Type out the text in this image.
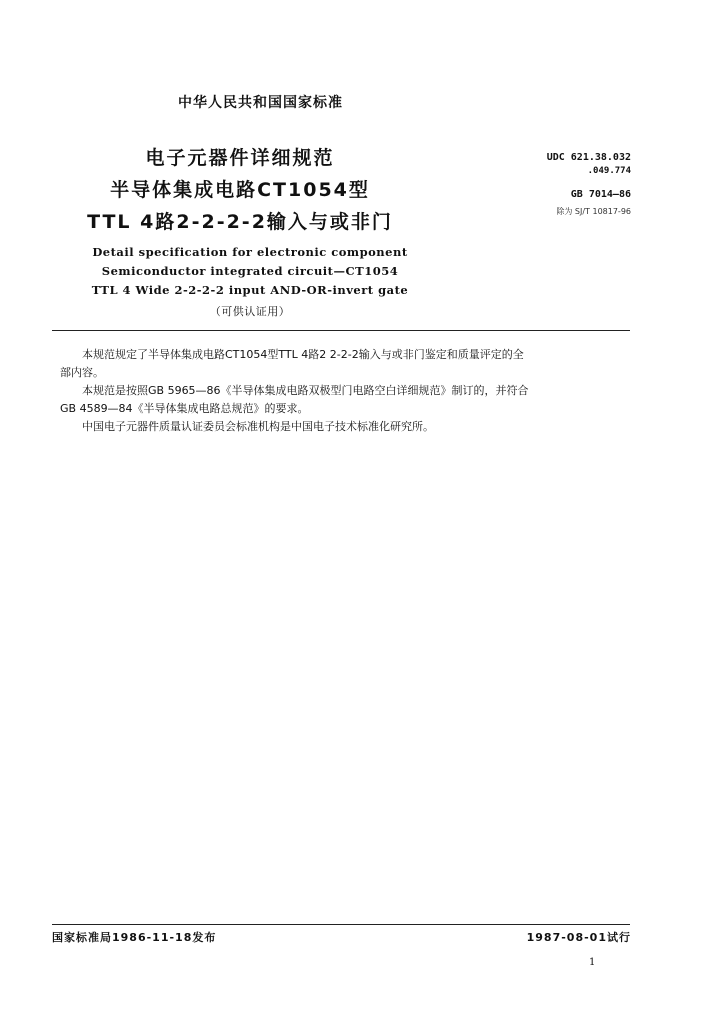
中华人民共和国国家标准
电子元器件详细规范
半导体集成电路CT1054型
TTL 4路2-2-2-2输入与或非门
Detail specification for electronic component
Semiconductor integrated circuit—CT1054
TTL 4 Wide 2-2-2-2 input AND-OR-invert gate
（可供认证用）
UDC 621.38.032
.049.774
GB 7014—86
除为 SJ/T 10817-96
本规范规定了半导体集成电路CT1054型TTL 4路2 2-2-2输入与或非门鉴定和质量评定的全
部内容。
本规范是按照GB 5965—86《半导体集成电路双极型门电路空白详细规范》制订的，并符合
GB 4589—84《半导体集成电路总规范》的要求。
中国电子元器件质量认证委员会标准机构是中国电子技术标准化研究所。
国家标准局1986-11-18发布	1987-08-01试行
1
